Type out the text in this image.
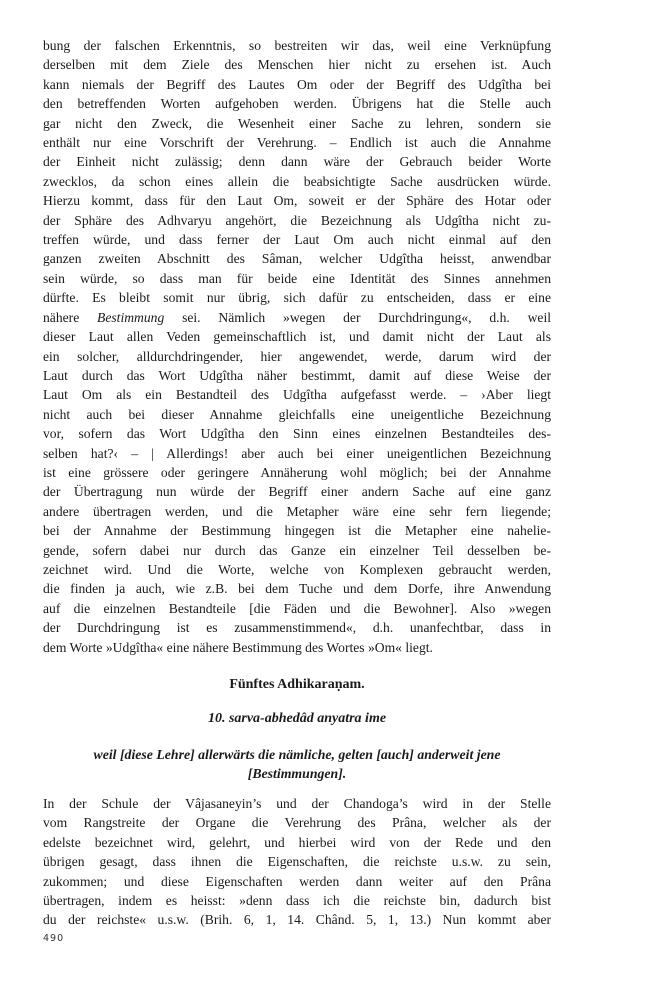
bung der falschen Erkenntnis, so bestreiten wir das, weil eine Verknüpfung
derselben mit dem Ziele des Menschen hier nicht zu ersehen ist. Auch
kann niemals der Begriff des Lautes Om oder der Begriff des Udgîtha bei
den betreffenden Worten aufgehoben werden. Übrigens hat die Stelle auch
gar nicht den Zweck, die Wesenheit einer Sache zu lehren, sondern sie
enthält nur eine Vorschrift der Verehrung. – Endlich ist auch die Annahme
der Einheit nicht zulässig; denn dann wäre der Gebrauch beider Worte
zwecklos, da schon eines allein die beabsichtigte Sache ausdrücken würde.
Hierzu kommt, dass für den Laut Om, soweit er der Sphäre des Hotar oder
der Sphäre des Adhvaryu angehört, die Bezeichnung als Udgîtha nicht zu-
treffen würde, und dass ferner der Laut Om auch nicht einmal auf den
ganzen zweiten Abschnitt des Sâman, welcher Udgîtha heisst, anwendbar
sein würde, so dass man für beide eine Identität des Sinnes annehmen
dürfte. Es bleibt somit nur übrig, sich dafür zu entscheiden, dass er eine
nähere Bestimmung sei. Nämlich »wegen der Durchdringung«, d.h. weil
dieser Laut allen Veden gemeinschaftlich ist, und damit nicht der Laut als
ein solcher, alldurchdringender, hier angewendet, werde, darum wird der
Laut durch das Wort Udgîtha näher bestimmt, damit auf diese Weise der
Laut Om als ein Bestandteil des Udgîtha aufgefasst werde. – ›Aber liegt
nicht auch bei dieser Annahme gleichfalls eine uneigentliche Bezeichnung
vor, sofern das Wort Udgîtha den Sinn eines einzelnen Bestandteiles des-
selben hat?‹ – | Allerdings! aber auch bei einer uneigentlichen Bezeichnung
ist eine grössere oder geringere Annäherung wohl möglich; bei der Annahme
der Übertragung nun würde der Begriff einer andern Sache auf eine ganz
andere übertragen werden, und die Metapher wäre eine sehr fern liegende;
bei der Annahme der Bestimmung hingegen ist die Metapher eine nahelie-
gende, sofern dabei nur durch das Ganze ein einzelner Teil desselben be-
zeichnet wird. Und die Worte, welche von Komplexen gebraucht werden,
die finden ja auch, wie z.B. bei dem Tuche und dem Dorfe, ihre Anwendung
auf die einzelnen Bestandteile [die Fäden und die Bewohner]. Also »wegen
der Durchdringung ist es zusammenstimmend«, d.h. unanfechtbar, dass in
dem Worte »Udgîtha« eine nähere Bestimmung des Wortes »Om« liegt.

Fünftes Adhikaraṇam.

10. sarva-abhedâd anyatra ime

weil [diese Lehre] allerwärts die nämliche, gelten [auch] anderweit jene
[Bestimmungen].
In der Schule der Vâjasaneyin’s und der Chandoga’s wird in der Stelle
vom Rangstreite der Organe die Verehrung des Prâna, welcher als der
edelste bezeichnet wird, gelehrt, und hierbei wird von der Rede und den
übrigen gesagt, dass ihnen die Eigenschaften, die reichste u.s.w. zu sein,
zukommen; und diese Eigenschaften werden dann weiter auf den Prâna
übertragen, indem es heisst: »denn dass ich die reichste bin, dadurch bist
du der reichste« u.s.w. (Brih. 6, 1, 14. Chând. 5, 1, 13.) Nun kommt aber
490
